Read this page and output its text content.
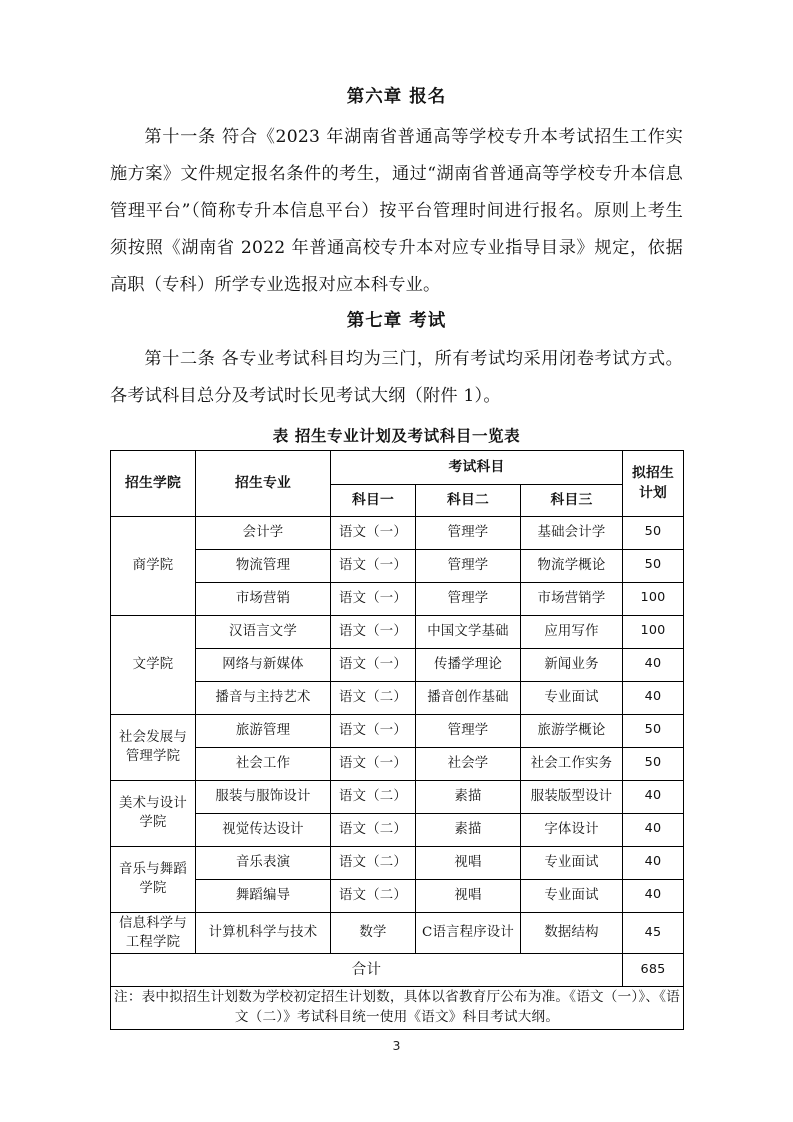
第六章 报名

第十一条 符合《2023 年湖南省普通高等学校专升本考试招生工作实施方案》文件规定报名条件的考生，通过“湖南省普通高等学校专升本信息管理平台”（简称专升本信息平台）按平台管理时间进行报名。原则上考生须按照《湖南省 2022 年普通高校专升本对应专业指导目录》规定，依据高职（专科）所学专业选报对应本科专业。

第七章 考试

第十二条 各专业考试科目均为三门，所有考试均采用闭卷考试方式。各考试科目总分及考试时长见考试大纲（附件 1）。

表 招生专业计划及考试科目一览表
招生学院	招生专业	考试科目			拟招生
计划

		科目一	科目二	科目三	
商学院	会计学	语文（一）	管理学	基础会计学	50
	物流管理	语文（一）	管理学	物流学概论	50
	市场营销	语文（一）	管理学	市场营销学	100
文学院	汉语言文学	语文（一）	中国文学基础	应用写作	100
	网络与新媒体	语文（一）	传播学理论	新闻业务	40
	播音与主持艺术	语文（二）	播音创作基础	专业面试	40

社会发展与
管理学院	旅游管理	语文（一）	管理学	旅游学概论	50
	社会工作	语文（一）	社会学	社会工作实务	50

美术与设计
学院	服装与服饰设计	语文（二）	素描	服装版型设计	40
	视觉传达设计	语文（二）	素描	字体设计	40

音乐与舞蹈
学院	音乐表演	语文（二）	视唱	专业面试	40
	舞蹈编导	语文（二）	视唱	专业面试	40

信息科学与
工程学院	计算机科学与技术	数学	C语言程序设计	数据结构	45
合计					685
注：表中拟招生计划数为学校初定招生计划数，具体以省教育厅公布为准。《语文（一）》、《语文（二）》考试科目统一使用《语文》科目考试大纲。					
3
